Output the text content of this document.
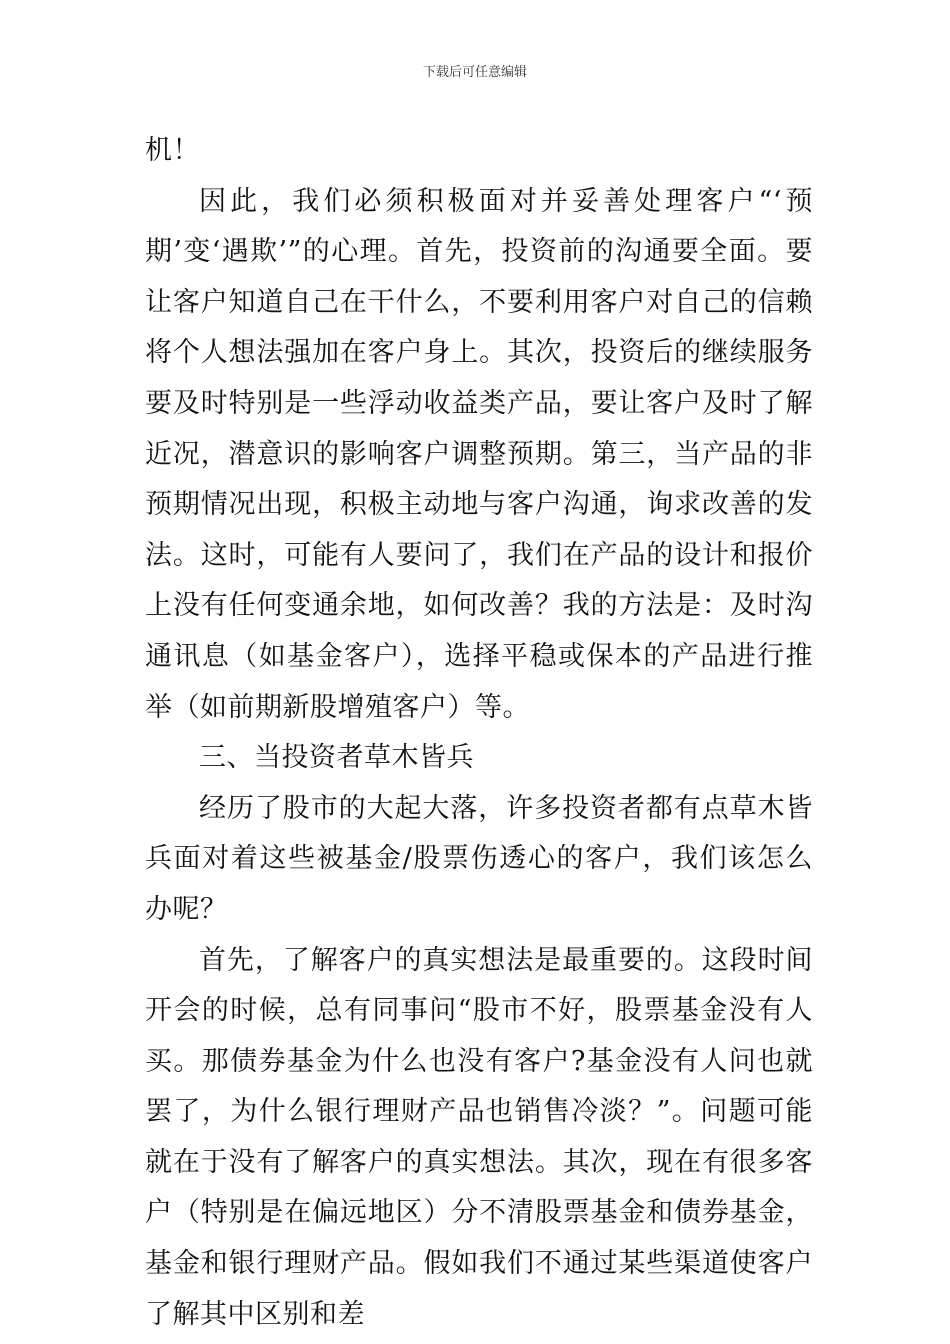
下载后可任意编辑

机！

因此，我们必须积极面对并妥善处理客户“‘预期’变‘遇欺’”的心理。首先，投资前的沟通要全面。要让客户知道自己在干什么，不要利用客户对自己的信赖将个人想法强加在客户身上。其次，投资后的继续服务要及时特别是一些浮动收益类产品，要让客户及时了解近况，潜意识的影响客户调整预期。第三，当产品的非预期情况出现，积极主动地与客户沟通，询求改善的发法。这时，可能有人要问了，我们在产品的设计和报价上没有任何变通余地，如何改善？我的方法是：及时沟通讯息（如基金客户），选择平稳或保本的产品进行推举（如前期新股增殖客户）等。

三、当投资者草木皆兵

经历了股市的大起大落，许多投资者都有点草木皆兵面对着这些被基金/股票伤透心的客户，我们该怎么办呢？

首先，了解客户的真实想法是最重要的。这段时间开会的时候，总有同事问“股市不好，股票基金没有人买。那债券基金为什么也没有客户?基金没有人问也就罢了，为什么银行理财产品也销售冷淡？”。问题可能就在于没有了解客户的真实想法。其次，现在有很多客户（特别是在偏远地区）分不清股票基金和债券基金，基金和银行理财产品。假如我们不通过某些渠道使客户了解其中区别和差
